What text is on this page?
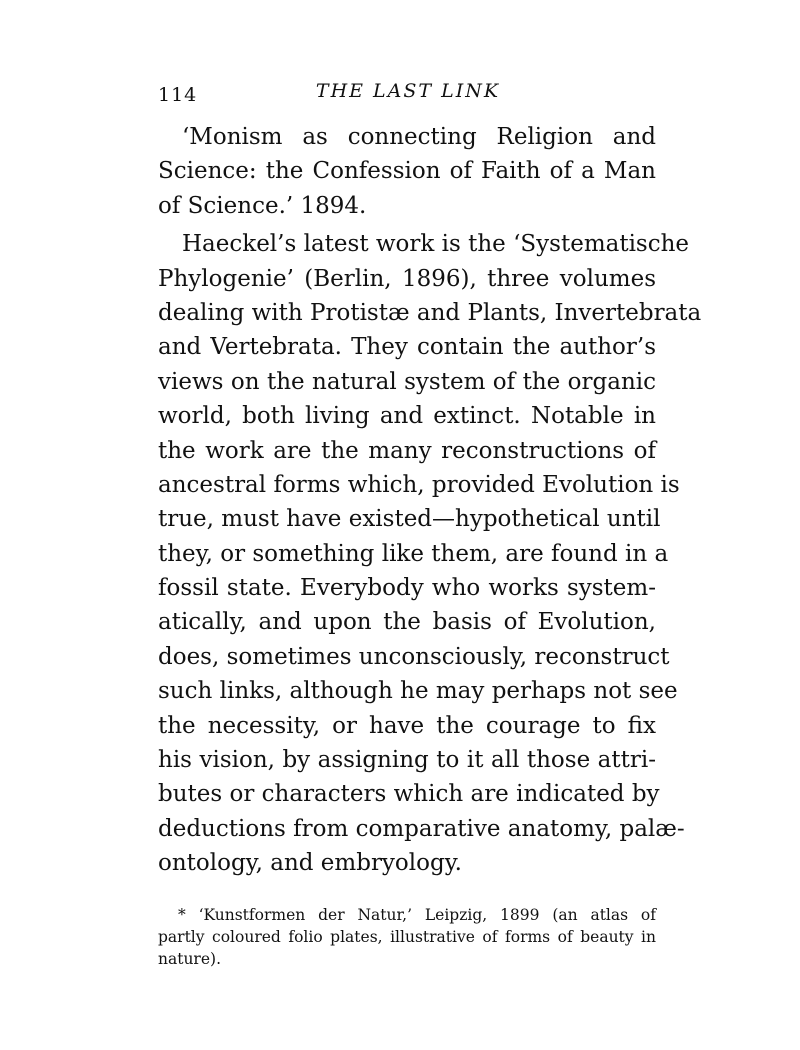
114	THE LAST LINK
‘Monism as connecting Religion and
Science: the Confession of Faith of a Man
of Science.’ 1894.
Haeckel’s latest work is the ‘Systematische
Phylogenie’ (Berlin, 1896), three volumes
dealing with Protistæ and Plants, Invertebrata
and Vertebrata. They contain the author’s
views on the natural system of the organic
world, both living and extinct. Notable in
the work are the many reconstructions of
ancestral forms which, provided Evolution is
true, must have existed—hypothetical until
they, or something like them, are found in a
fossil state. Everybody who works system-
atically, and upon the basis of Evolution,
does, sometimes unconsciously, reconstruct
such links, although he may perhaps not see
the necessity, or have the courage to fix
his vision, by assigning to it all those attri-
butes or characters which are indicated by
deductions from comparative anatomy, palæ-
ontology, and embryology.
* ‘Kunstformen der Natur,’ Leipzig, 1899 (an atlas of
partly coloured folio plates, illustrative of forms of beauty in
nature).
